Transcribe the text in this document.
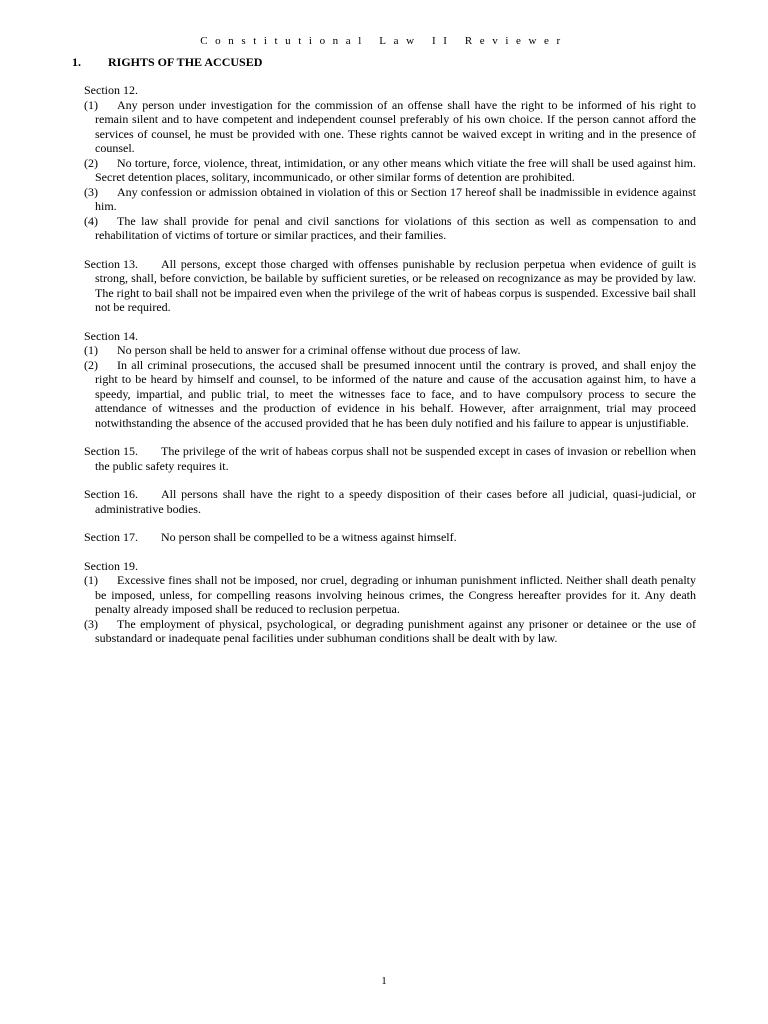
Constitutional Law II Reviewer
1. RIGHTS OF THE ACCUSED

Section 12.

(1) Any person under investigation for the commission of an offense shall have the right to be informed of his right to remain silent and to have competent and independent counsel preferably of his own choice. If the person cannot afford the services of counsel, he must be provided with one. These rights cannot be waived except in writing and in the presence of counsel.

(2) No torture, force, violence, threat, intimidation, or any other means which vitiate the free will shall be used against him. Secret detention places, solitary, incommunicado, or other similar forms of detention are prohibited.

(3) Any confession or admission obtained in violation of this or Section 17 hereof shall be inadmissible in evidence against him.

(4) The law shall provide for penal and civil sanctions for violations of this section as well as compensation to and rehabilitation of victims of torture or similar practices, and their families.

Section 13. All persons, except those charged with offenses punishable by reclusion perpetua when evidence of guilt is strong, shall, before conviction, be bailable by sufficient sureties, or be released on recognizance as may be provided by law. The right to bail shall not be impaired even when the privilege of the writ of habeas corpus is suspended. Excessive bail shall not be required.

Section 14.

(1) No person shall be held to answer for a criminal offense without due process of law.

(2) In all criminal prosecutions, the accused shall be presumed innocent until the contrary is proved, and shall enjoy the right to be heard by himself and counsel, to be informed of the nature and cause of the accusation against him, to have a speedy, impartial, and public trial, to meet the witnesses face to face, and to have compulsory process to secure the attendance of witnesses and the production of evidence in his behalf. However, after arraignment, trial may proceed notwithstanding the absence of the accused provided that he has been duly notified and his failure to appear is unjustifiable.

Section 15. The privilege of the writ of habeas corpus shall not be suspended except in cases of invasion or rebellion when the public safety requires it.

Section 16. All persons shall have the right to a speedy disposition of their cases before all judicial, quasi-judicial, or administrative bodies.

Section 17. No person shall be compelled to be a witness against himself.

Section 19.

(1) Excessive fines shall not be imposed, nor cruel, degrading or inhuman punishment inflicted. Neither shall death penalty be imposed, unless, for compelling reasons involving heinous crimes, the Congress hereafter provides for it. Any death penalty already imposed shall be reduced to reclusion perpetua.

(3) The employment of physical, psychological, or degrading punishment against any prisoner or detainee or the use of substandard or inadequate penal facilities under subhuman conditions shall be dealt with by law.

1
